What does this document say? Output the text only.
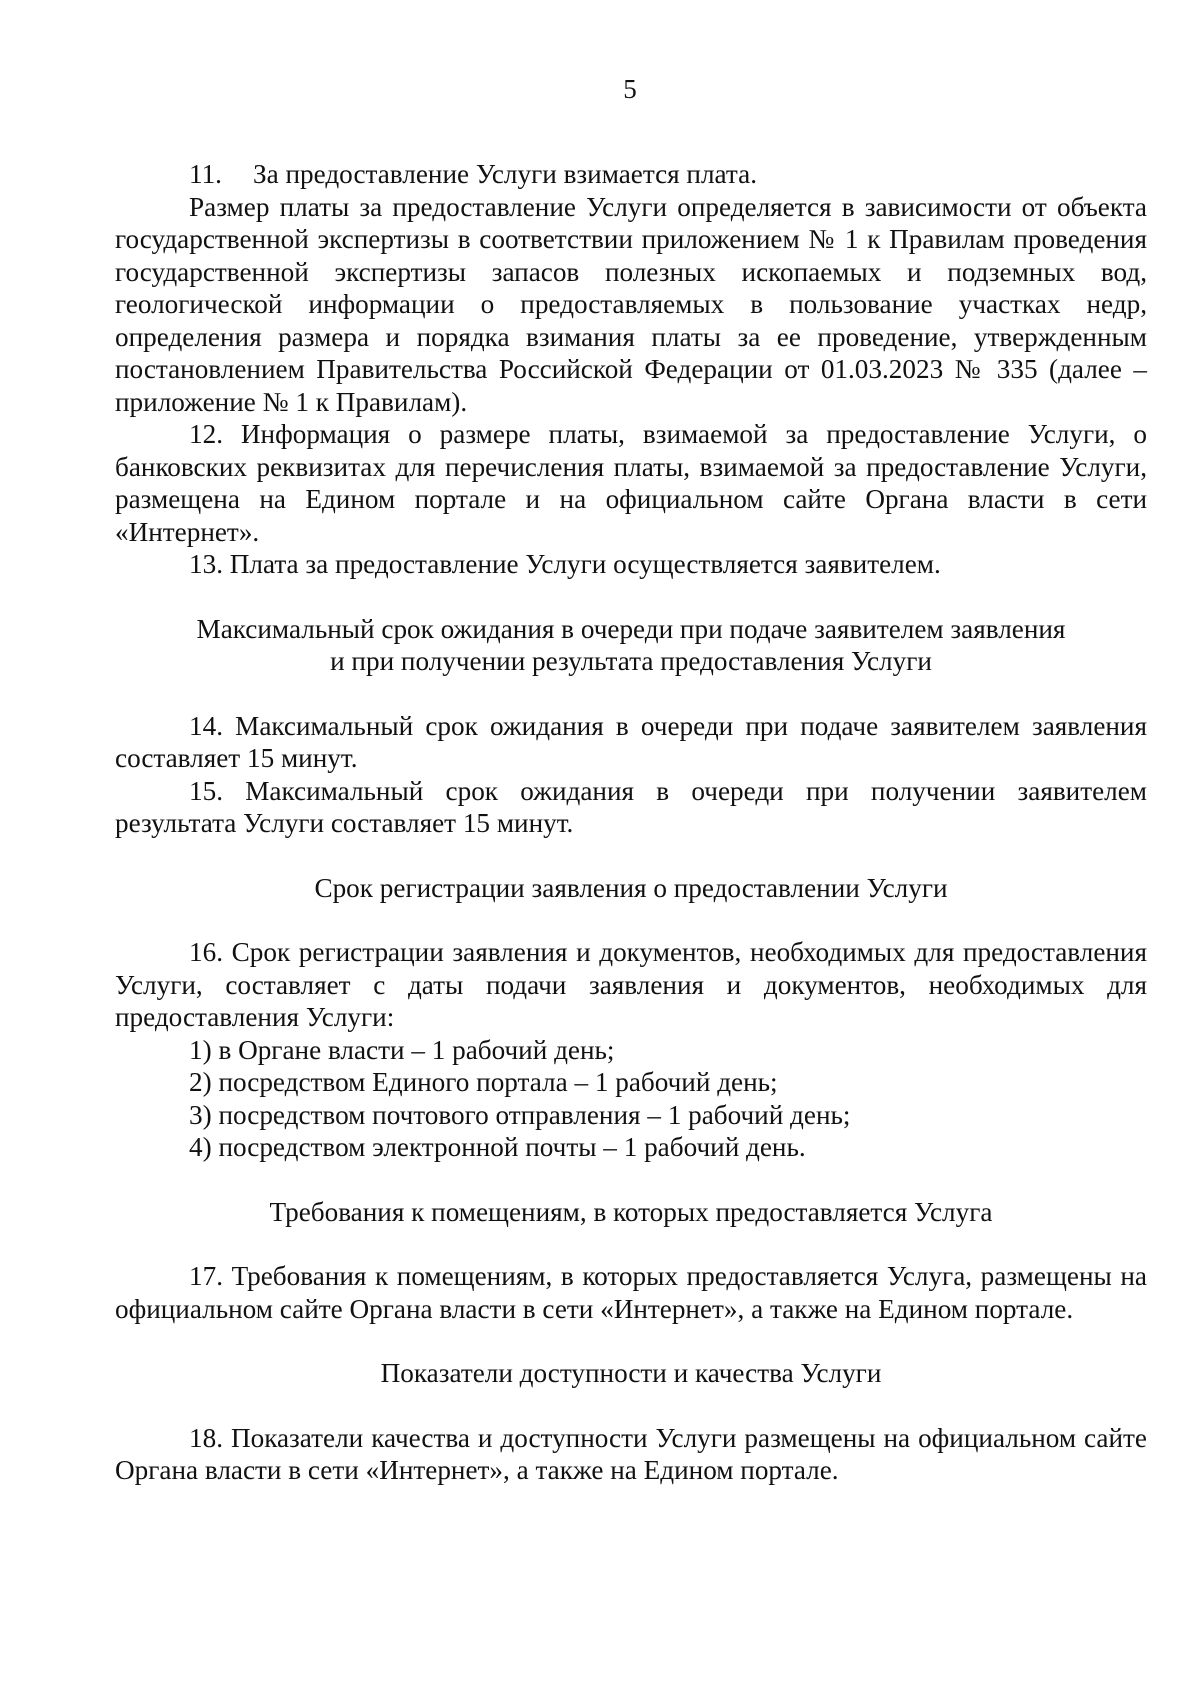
5

11. За предоставление Услуги взимается плата.

Размер платы за предоставление Услуги определяется в зависимости от объекта государственной экспертизы в соответствии приложением № 1 к Правилам проведения государственной экспертизы запасов полезных ископаемых и подземных вод, геологической информации о предоставляемых в пользование участках недр, определения размера и порядка взимания платы за ее проведение, утвержденным постановлением Правительства Российской Федерации от 01.03.2023 № 335 (далее – приложение № 1 к Правилам).

12. Информация о размере платы, взимаемой за предоставление Услуги, о банковских реквизитах для перечисления платы, взимаемой за предоставление Услуги, размещена на Едином портале и на официальном сайте Органа власти в сети «Интернет».

13. Плата за предоставление Услуги осуществляется заявителем.

Максимальный срок ожидания в очереди при подаче заявителем заявления
и при получении результата предоставления Услуги

14. Максимальный срок ожидания в очереди при подаче заявителем заявления составляет 15 минут.

15. Максимальный срок ожидания в очереди при получении заявителем результата Услуги составляет 15 минут.

Срок регистрации заявления о предоставлении Услуги

16. Срок регистрации заявления и документов, необходимых для предоставления Услуги, составляет с даты подачи заявления и документов, необходимых для предоставления Услуги:

1) в Органе власти – 1 рабочий день;

2) посредством Единого портала – 1 рабочий день;

3) посредством почтового отправления – 1 рабочий день;

4) посредством электронной почты – 1 рабочий день.

Требования к помещениям, в которых предоставляется Услуга

17. Требования к помещениям, в которых предоставляется Услуга, размещены на официальном сайте Органа власти в сети «Интернет», а также на Едином портале.

Показатели доступности и качества Услуги

18. Показатели качества и доступности Услуги размещены на официальном сайте Органа власти в сети «Интернет», а также на Едином портале.
